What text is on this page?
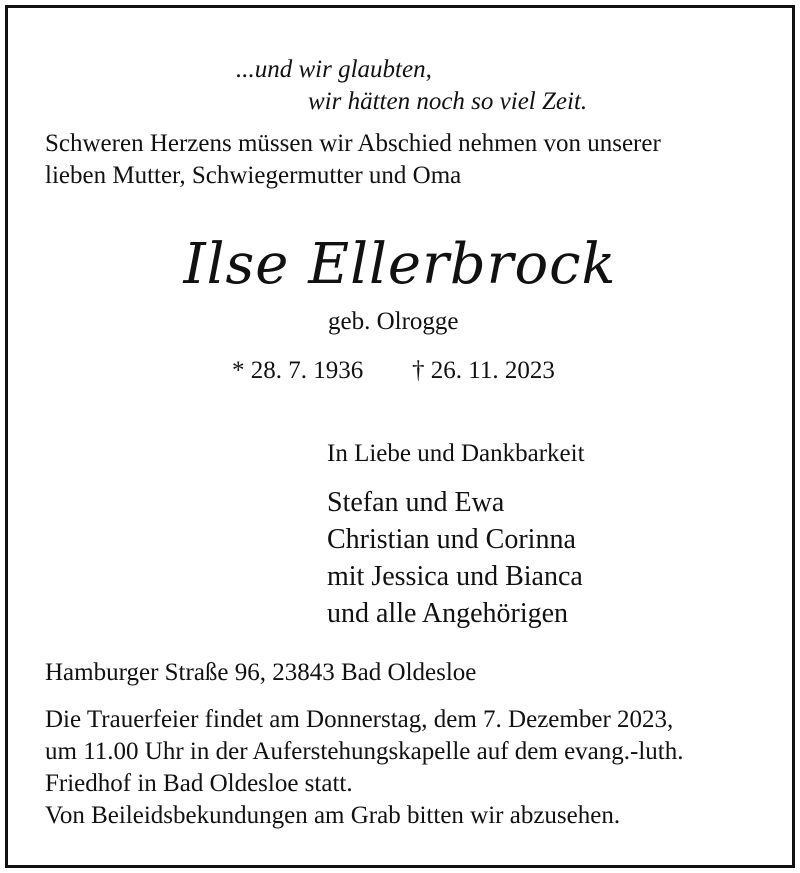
...und wir glaubten,
wir hätten noch so viel Zeit.
Schweren Herzens müssen wir Abschied nehmen von unserer
lieben Mutter, Schwiegermutter und Oma
Ilse Ellerbrock
geb. Olrogge
* 28. 7. 1936 † 26. 11. 2023
In Liebe und Dankbarkeit
Stefan und Ewa
Christian und Corinna
mit Jessica und Bianca
und alle Angehörigen
Hamburger Straße 96, 23843 Bad Oldesloe
Die Trauerfeier findet am Donnerstag, dem 7. Dezember 2023,
um 11.00 Uhr in der Auferstehungskapelle auf dem evang.-luth.
Friedhof in Bad Oldesloe statt.
Von Beileidsbekundungen am Grab bitten wir abzusehen.
